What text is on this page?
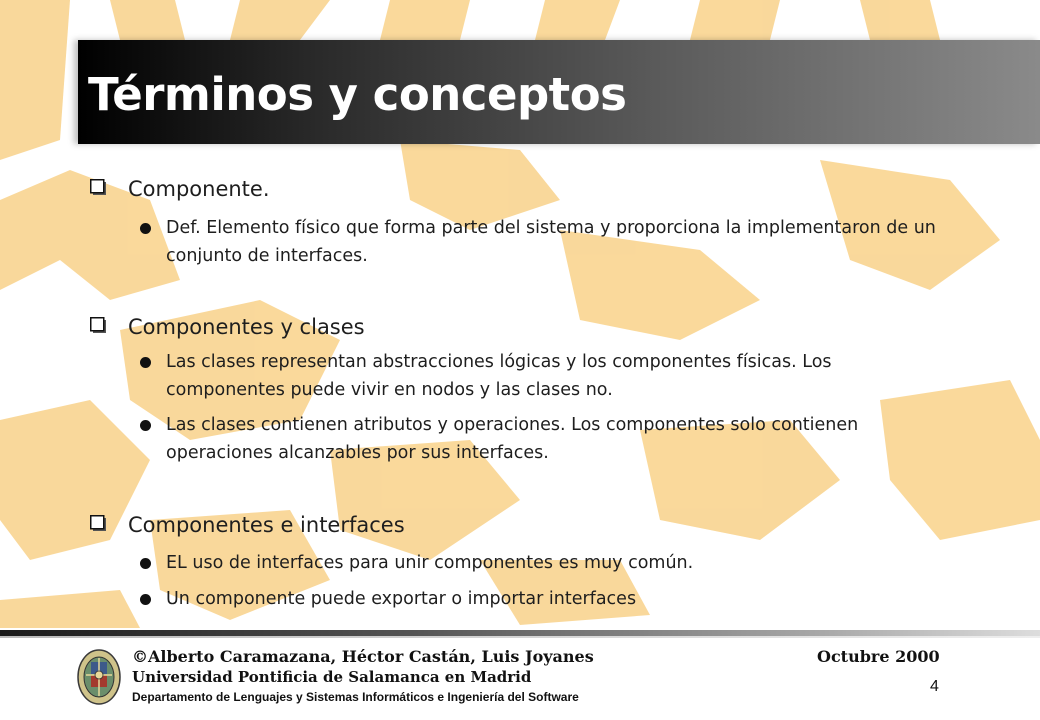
Términos y conceptos
Componente.
Def. Elemento físico que forma parte del sistema y proporciona la implementaron de un conjunto de interfaces.
Componentes y clases
Las clases representan abstracciones lógicas y los componentes físicas. Los componentes puede vivir en nodos y las clases no.
Las clases contienen atributos y operaciones. Los componentes solo contienen operaciones alcanzables por sus interfaces.
Componentes e interfaces
EL uso de interfaces para unir componentes es muy común.
Un componente puede exportar o importar interfaces
©Alberto Caramazana, Héctor Castán, Luis Joyanes
Universidad Pontificia de Salamanca en Madrid
Departamento de Lenguajes y Sistemas Informáticos e Ingeniería del Software
Octubre 2000
4
